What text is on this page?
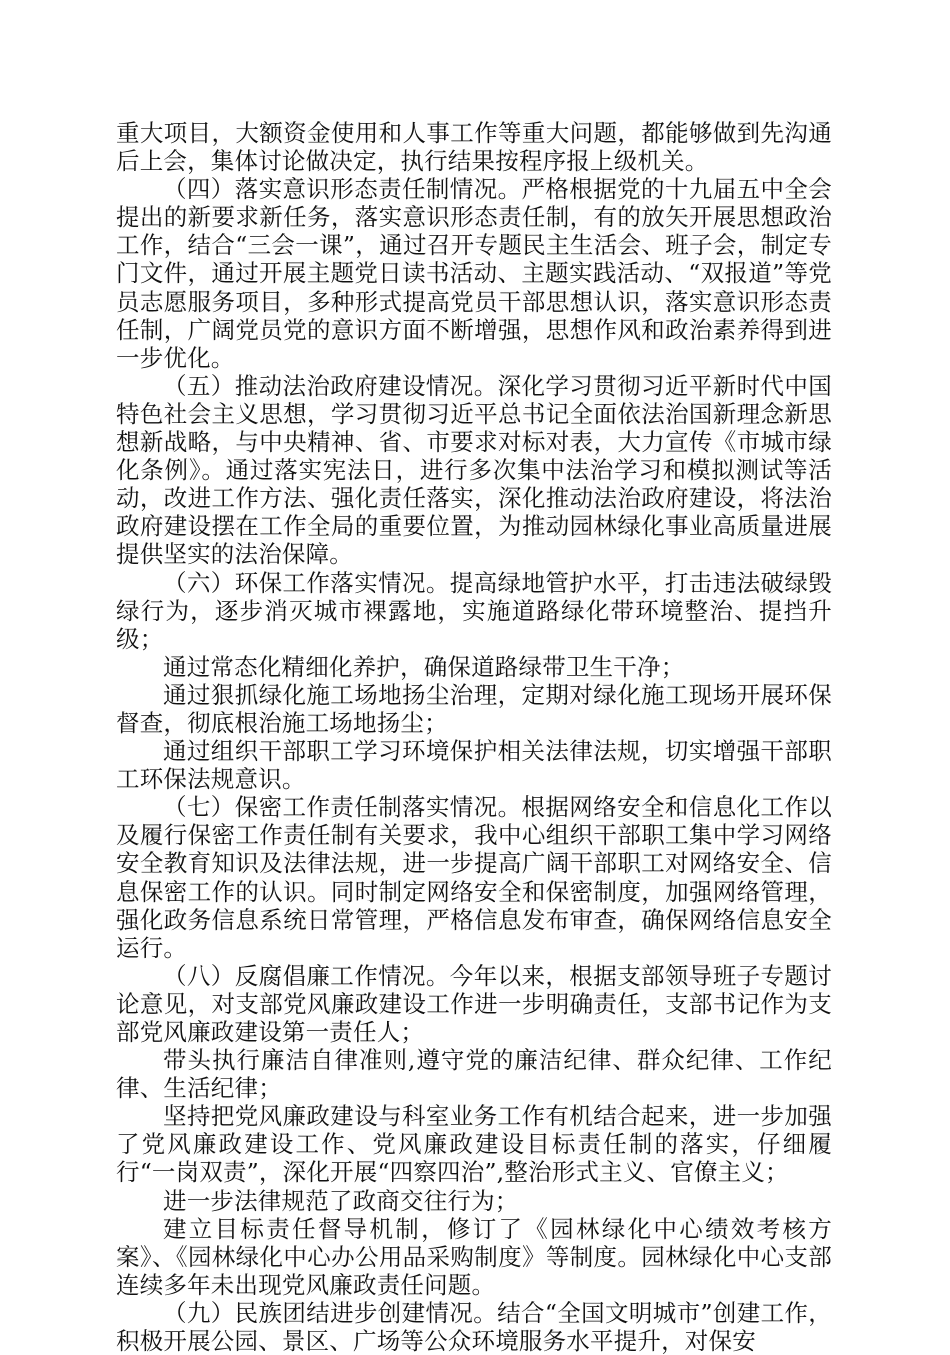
重大项目，大额资金使用和人事工作等重大问题，都能够做到先沟通后上会，集体讨论做决定，执行结果按程序报上级机关。

（四）落实意识形态责任制情况。严格根据党的十九届五中全会提出的新要求新任务，落实意识形态责任制，有的放矢开展思想政治工作，结合“三会一课”，通过召开专题民主生活会、班子会，制定专门文件，通过开展主题党日读书活动、主题实践活动、“双报道”等党员志愿服务项目，多种形式提高党员干部思想认识，落实意识形态责任制，广阔党员党的意识方面不断增强，思想作风和政治素养得到进一步优化。

（五）推动法治政府建设情况。深化学习贯彻习近平新时代中国特色社会主义思想，学习贯彻习近平总书记全面依法治国新理念新思想新战略，与中央精神、省、市要求对标对表，大力宣传《市城市绿化条例》。通过落实宪法日，进行多次集中法治学习和模拟测试等活动，改进工作方法、强化责任落实，深化推动法治政府建设，将法治政府建设摆在工作全局的重要位置，为推动园林绿化事业高质量进展提供坚实的法治保障。

（六）环保工作落实情况。提高绿地管护水平，打击违法破绿毁绿行为，逐步消灭城市裸露地，实施道路绿化带环境整治、提挡升级；

通过常态化精细化养护，确保道路绿带卫生干净；

通过狠抓绿化施工场地扬尘治理，定期对绿化施工现场开展环保督查，彻底根治施工场地扬尘；

通过组织干部职工学习环境保护相关法律法规，切实增强干部职工环保法规意识。

（七）保密工作责任制落实情况。根据网络安全和信息化工作以及履行保密工作责任制有关要求，我中心组织干部职工集中学习网络安全教育知识及法律法规，进一步提高广阔干部职工对网络安全、信息保密工作的认识。同时制定网络安全和保密制度，加强网络管理，强化政务信息系统日常管理，严格信息发布审查，确保网络信息安全运行。

（八）反腐倡廉工作情况。今年以来，根据支部领导班子专题讨论意见，对支部党风廉政建设工作进一步明确责任，支部书记作为支部党风廉政建设第一责任人；

带头执行廉洁自律准则,遵守党的廉洁纪律、群众纪律、工作纪律、生活纪律；

坚持把党风廉政建设与科室业务工作有机结合起来，进一步加强了党风廉政建设工作、党风廉政建设目标责任制的落实，仔细履行“一岗双责”，深化开展“四察四治”,整治形式主义、官僚主义；

进一步法律规范了政商交往行为；

建立目标责任督导机制，修订了《园林绿化中心绩效考核方案》、《园林绿化中心办公用品采购制度》等制度。园林绿化中心支部连续多年未出现党风廉政责任问题。

（九）民族团结进步创建情况。结合“全国文明城市”创建工作，积极开展公园、景区、广场等公众环境服务水平提升，对保安
